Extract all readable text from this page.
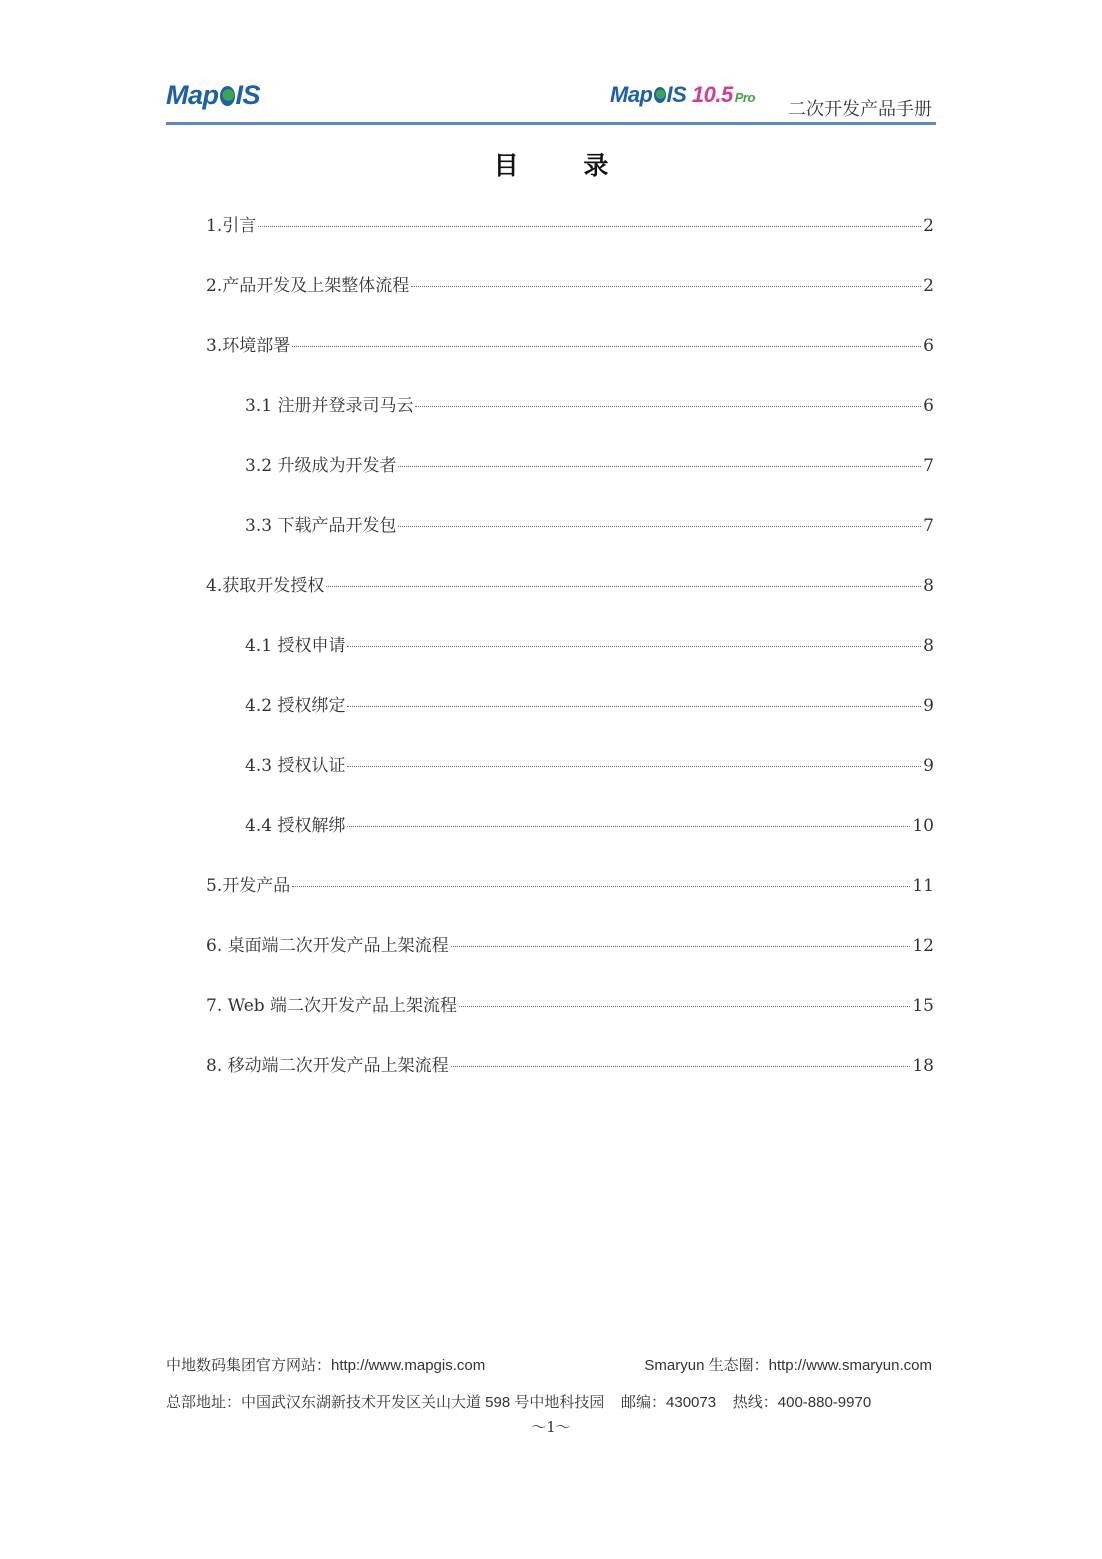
Map IS	Map IS 10.5 Pro
二次开发产品手册
目 录
1.引言	2
2.产品开发及上架整体流程	2
3.环境部署	6
3.1 注册并登录司马云	6
3.2 升级成为开发者	7
3.3 下载产品开发包	7
4.获取开发授权	8
4.1 授权申请	8
4.2 授权绑定	9
4.3 授权认证	9
4.4 授权解绑	10
5.开发产品	11
6. 桌面端二次开发产品上架流程	12
7. Web 端二次开发产品上架流程	15
8. 移动端二次开发产品上架流程	18
中地数码集团官方网站：http://www.mapgis.com	Smaryun 生态圈：http://www.smaryun.com
总部地址：中国武汉东湖新技术开发区关山大道 598 号中地科技园    邮编：430073    热线：400-880-9970
～1～
